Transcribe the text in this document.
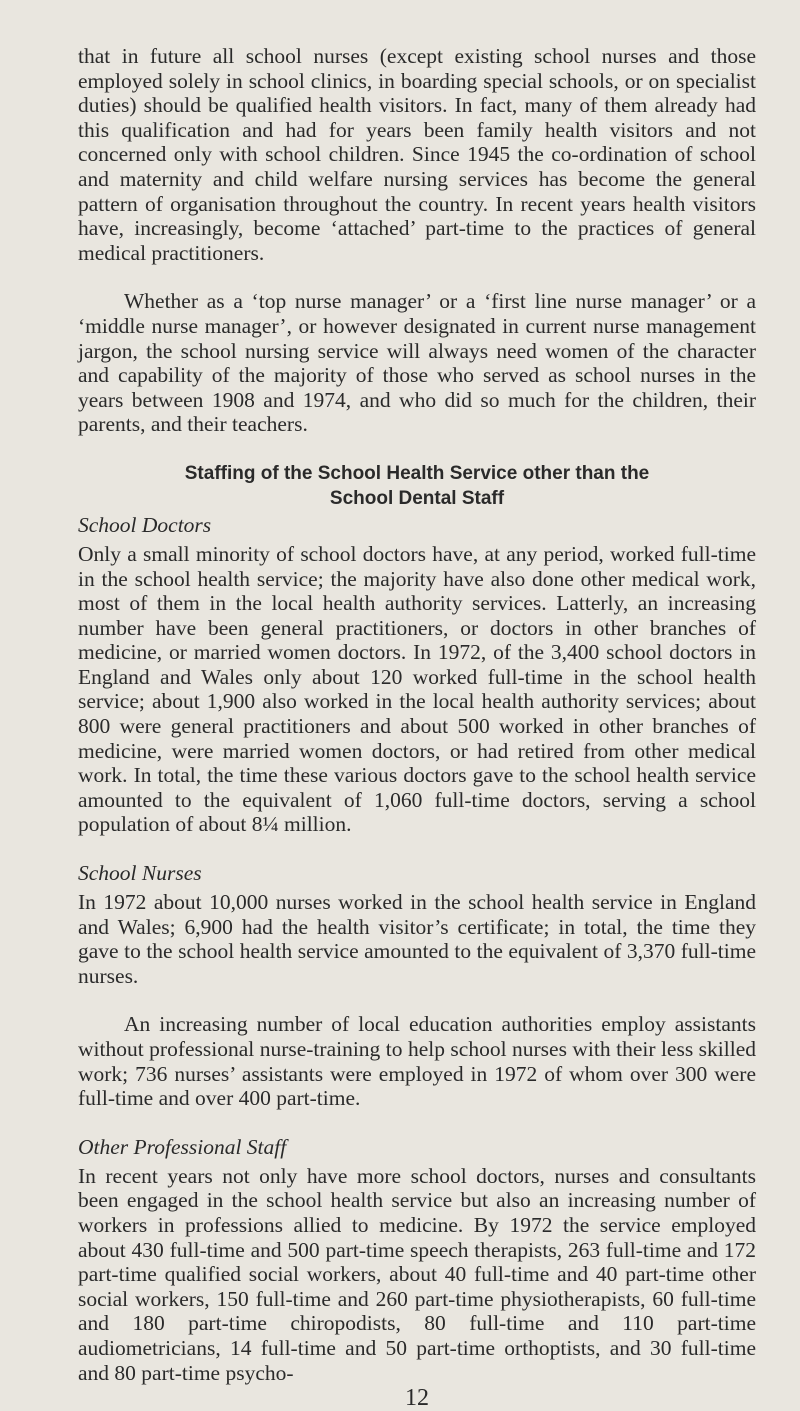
that in future all school nurses (except existing school nurses and those employed solely in school clinics, in boarding special schools, or on specialist duties) should be qualified health visitors. In fact, many of them already had this qualification and had for years been family health visitors and not concerned only with school children. Since 1945 the co-ordination of school and maternity and child welfare nursing services has become the general pattern of organisation throughout the country. In recent years health visitors have, increasingly, become ‘attached’ part-time to the practices of general medical practitioners.

Whether as a ‘top nurse manager’ or a ‘first line nurse manager’ or a ‘middle nurse manager’, or however designated in current nurse management jargon, the school nursing service will always need women of the character and capability of the majority of those who served as school nurses in the years between 1908 and 1974, and who did so much for the children, their parents, and their teachers.

Staffing of the School Health Service other than the
School Dental Staff
School Doctors

Only a small minority of school doctors have, at any period, worked full-time in the school health service; the majority have also done other medical work, most of them in the local health authority services. Latterly, an increasing number have been general practitioners, or doctors in other branches of medicine, or married women doctors. In 1972, of the 3,400 school doctors in England and Wales only about 120 worked full-time in the school health service; about 1,900 also worked in the local health authority services; about 800 were general practitioners and about 500 worked in other branches of medicine, were married women doctors, or had retired from other medical work. In total, the time these various doctors gave to the school health service amounted to the equivalent of 1,060 full-time doctors, serving a school population of about 8¼ million.

School Nurses

In 1972 about 10,000 nurses worked in the school health service in England and Wales; 6,900 had the health visitor’s certificate; in total, the time they gave to the school health service amounted to the equivalent of 3,370 full-time nurses.

An increasing number of local education authorities employ assistants without professional nurse-training to help school nurses with their less skilled work; 736 nurses’ assistants were employed in 1972 of whom over 300 were full-time and over 400 part-time.

Other Professional Staff

In recent years not only have more school doctors, nurses and consultants been engaged in the school health service but also an increasing number of workers in professions allied to medicine. By 1972 the service employed about 430 full-time and 500 part-time speech therapists, 263 full-time and 172 part-time qualified social workers, about 40 full-time and 40 part-time other social workers, 150 full-time and 260 part-time physiotherapists, 60 full-time and 180 part-time chiropodists, 80 full-time and 110 part-time audiometricians, 14 full-time and 50 part-time orthoptists, and 30 full-time and 80 part-time psycho-

12
